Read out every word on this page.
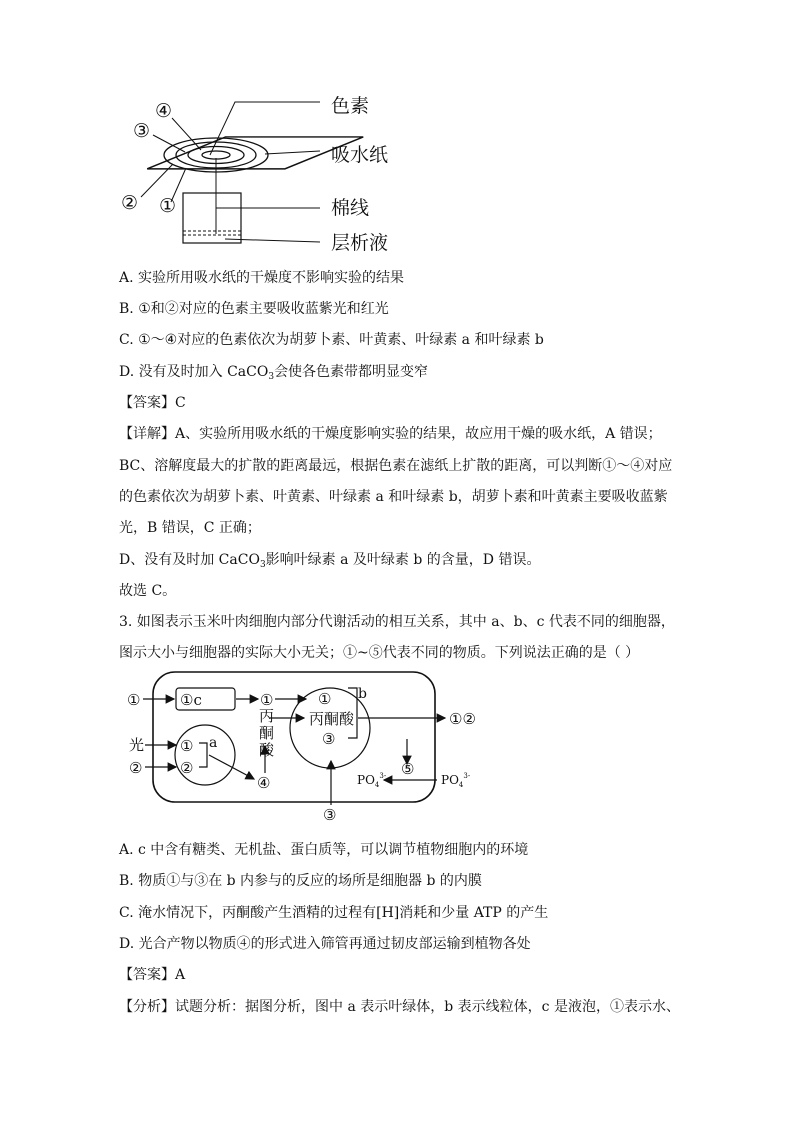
色素
吸水纸
棉线
层析液
④
③
② ①
A. 实验所用吸水纸的干燥度不影响实验的结果
B. ①和②对应的色素主要吸收蓝紫光和红光
C. ①～④对应的色素依次为胡萝卜素、叶黄素、叶绿素 a 和叶绿素 b
D. 没有及时加入 CaCO$_3$会使各色素带都明显变窄
【答案】C
【详解】A、实验所用吸水纸的干燥度影响实验的结果，故应用干燥的吸水纸，A 错误；
BC、溶解度最大的扩散的距离最远，根据色素在滤纸上扩散的距离，可以判断①～④对应
的色素依次为胡萝卜素、叶黄素、叶绿素 a 和叶绿素 b，胡萝卜素和叶黄素主要吸收蓝紫
光，B 错误，C 正确；
D、没有及时加 CaCO$_3$影响叶绿素 a 及叶绿素 b 的含量，D 错误。
故选 C。
3. 如图表示玉米叶肉细胞内部分代谢活动的相互关系，其中 a、b、c 代表不同的细胞器，
图示大小与细胞器的实际大小无关；①~⑤代表不同的物质。下列说法正确的是（ ）
①	①c	①
丙
酮
酸
① b
丙酮酸
③
①②
光 ① a
②	②
④
⑤
$PO_4^{3-}$	$PO_4^{3-}$
③
A. c 中含有糖类、无机盐、蛋白质等，可以调节植物细胞内的环境
B. 物质①与③在 b 内参与的反应的场所是细胞器 b 的内膜
C. 淹水情况下，丙酮酸产生酒精的过程有[H]消耗和少量 ATP 的产生
D. 光合产物以物质④的形式进入筛管再通过韧皮部运输到植物各处
【答案】A
【分析】试题分析：据图分析，图中 a 表示叶绿体，b 表示线粒体，c 是液泡，①表示水、
